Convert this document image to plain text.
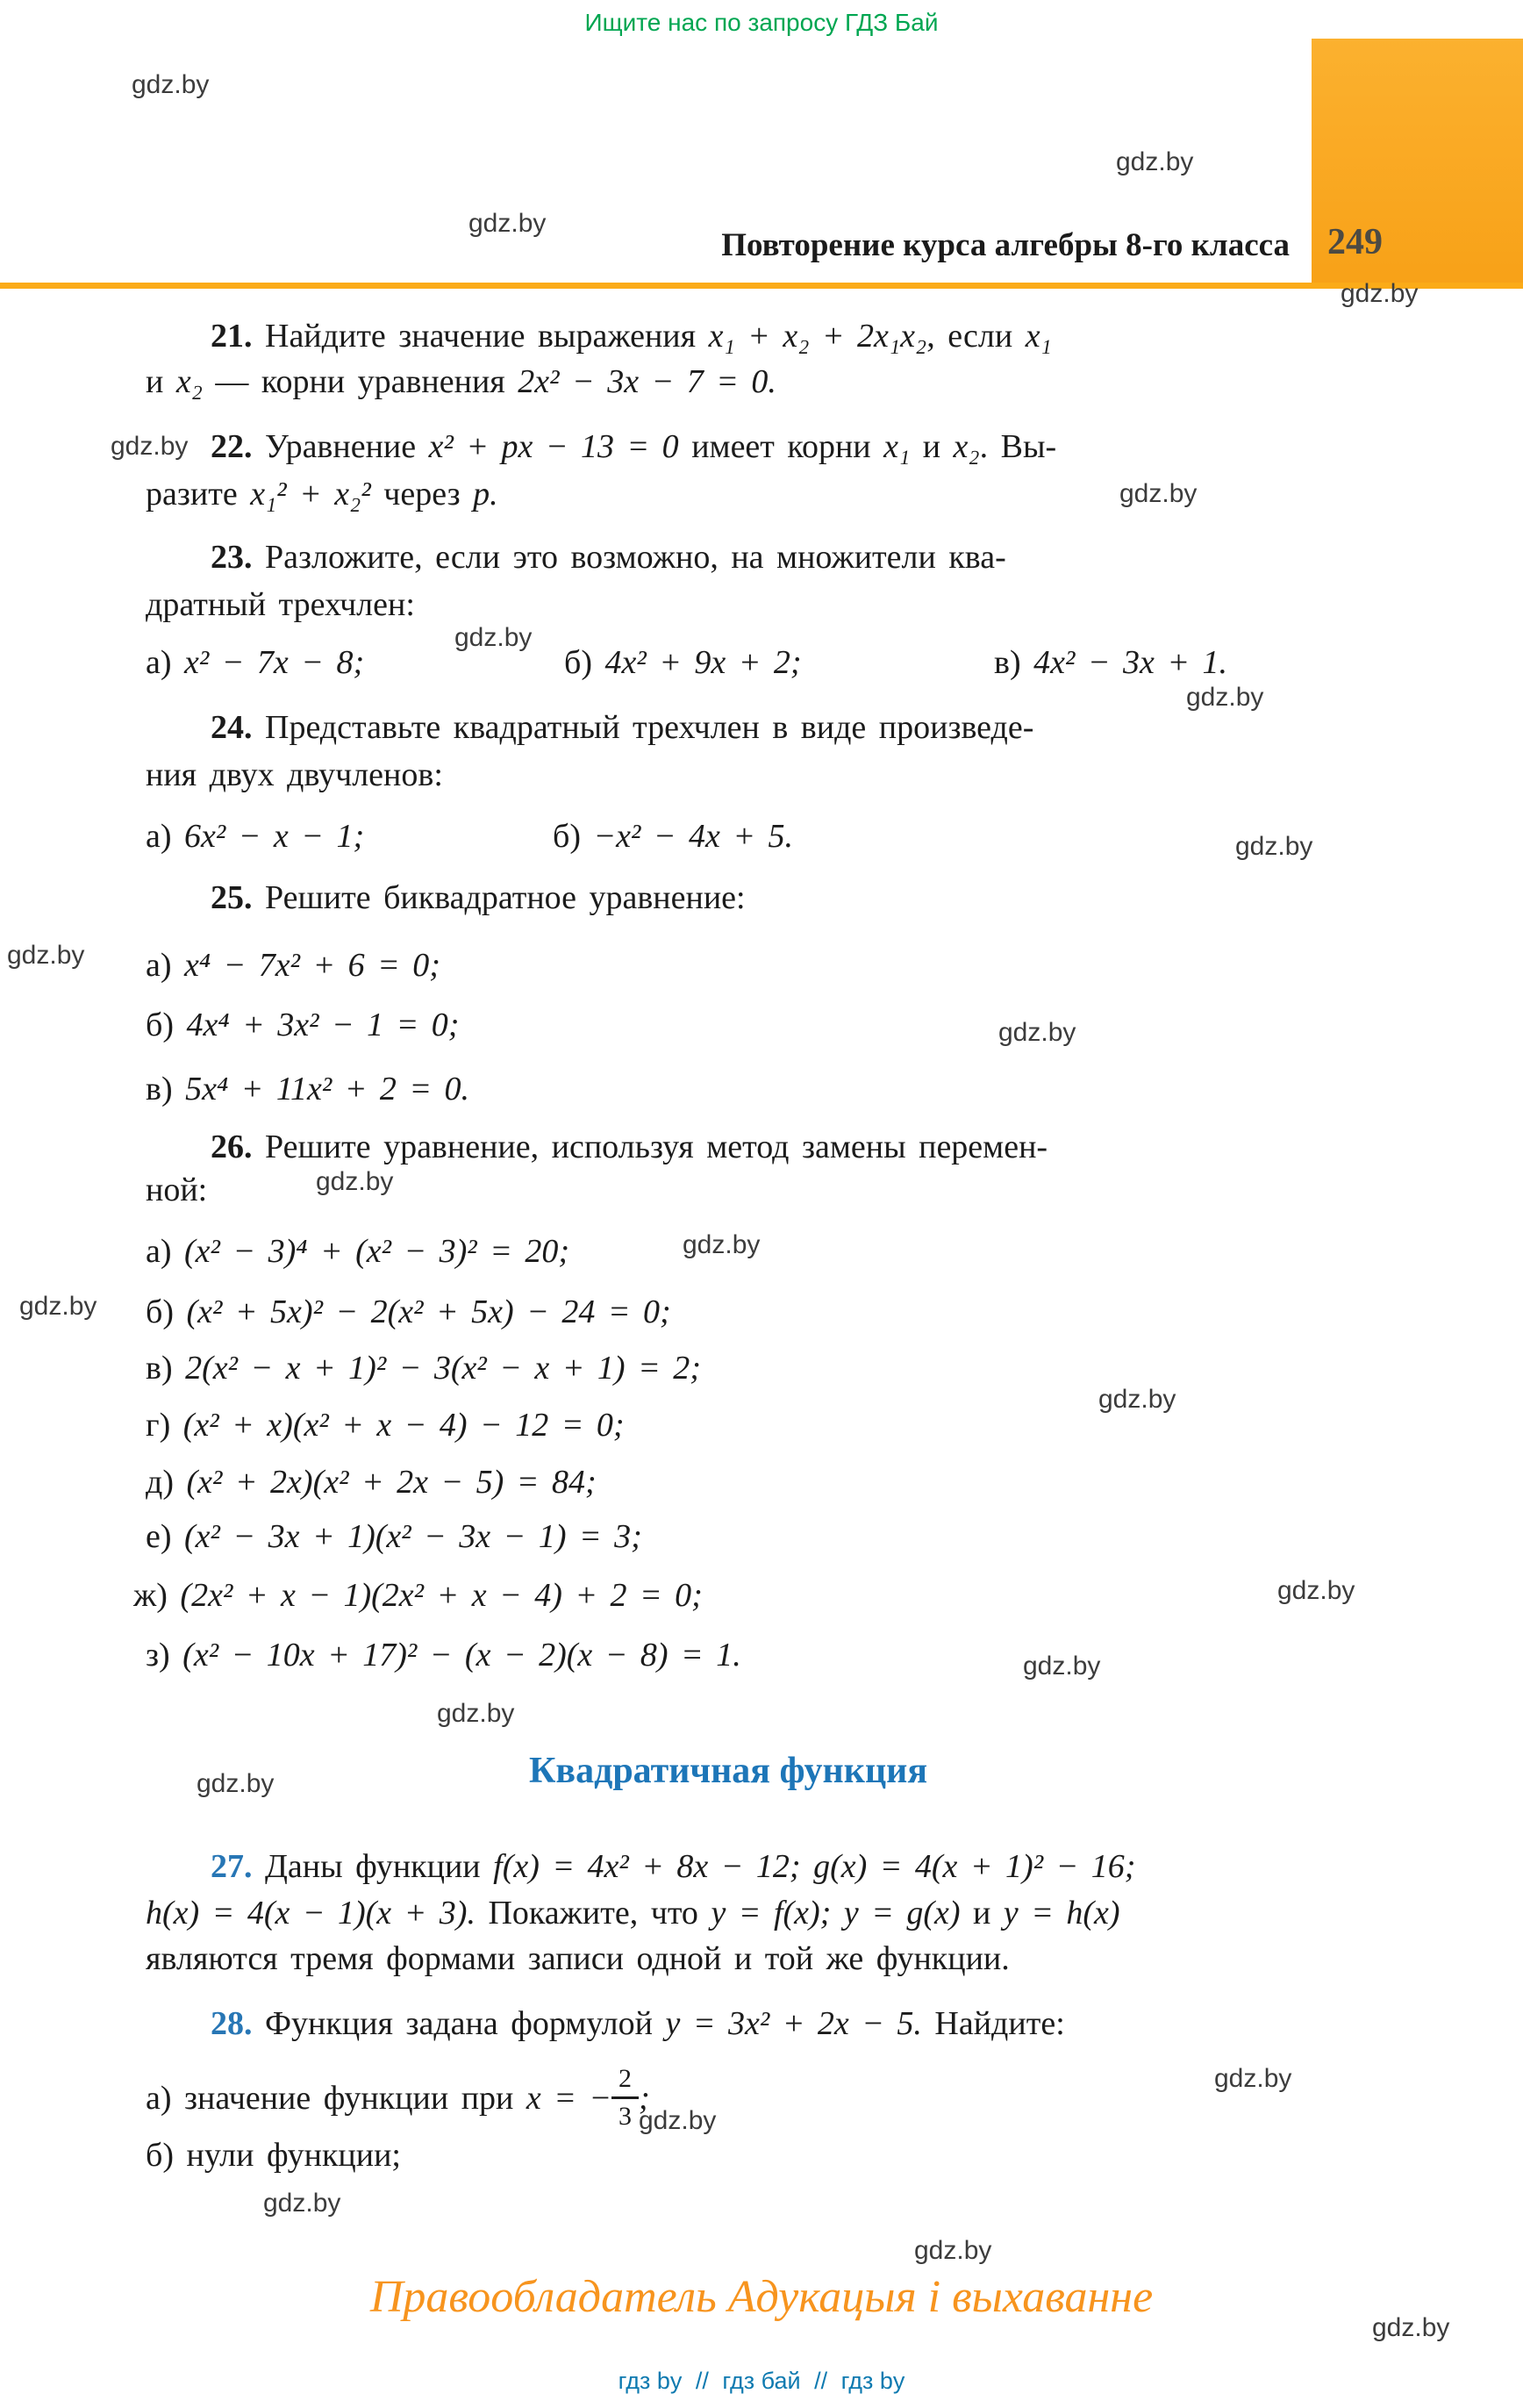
Ищите нас по запросу ГДЗ Бай
Повторение курса алгебры 8-го класса 249
gdz.by
gdz.by
gdz.by
gdz.by
gdz.by
gdz.by
gdz.by
gdz.by
gdz.by
gdz.by
gdz.by
gdz.by
gdz.by
gdz.by
gdz.by
gdz.by
gdz.by
gdz.by
gdz.by
gdz.by
gdz.by
gdz.by
gdz.by
gdz.by
21. Найдите значение выражения x₁ + x₂ + 2x₁x₂, если x₁
и x₂ — корни уравнения 2x² − 3x − 7 = 0.
22. Уравнение x² + px − 13 = 0 имеет корни x₁ и x₂. Вы-
разите x₁² + x₂² через p.
23. Разложите, если это возможно, на множители ква-
дратный трехчлен:
а) x² − 7x − 8;	б) 4x² + 9x + 2;	в) 4x² − 3x + 1.
24. Представьте квадратный трехчлен в виде произведе-
ния двух двучленов:
а) 6x² − x − 1;	б) −x² − 4x + 5.
25. Решите биквадратное уравнение:
а) x⁴ − 7x² + 6 = 0;
б) 4x⁴ + 3x² − 1 = 0;
в) 5x⁴ + 11x² + 2 = 0.
26. Решите уравнение, используя метод замены перемен-
ной:
а) (x² − 3)⁴ + (x² − 3)² = 20;
б) (x² + 5x)² − 2(x² + 5x) − 24 = 0;
в) 2(x² − x + 1)² − 3(x² − x + 1) = 2;
г) (x² + x)(x² + x − 4) − 12 = 0;
д) (x² + 2x)(x² + 2x − 5) = 84;
е) (x² − 3x + 1)(x² − 3x − 1) = 3;
ж) (2x² + x − 1)(2x² + x − 4) + 2 = 0;
з) (x² − 10x + 17)² − (x − 2)(x − 8) = 1.
27. Даны функции f(x) = 4x² + 8x − 12; g(x) = 4(x + 1)² − 16;
h(x) = 4(x − 1)(x + 3). Покажите, что y = f(x); y = g(x) и y = h(x)
являются тремя формами записи одной и той же функции.
28. Функция задана формулой y = 3x² + 2x − 5. Найдите:
а) значение функции при x = − $\frac{2}{3}$ ;
б) нули функции;
Квадратичная функция
Правообладатель Адукацыя і выхаванне
гдз by // гдз бай // гдз by
